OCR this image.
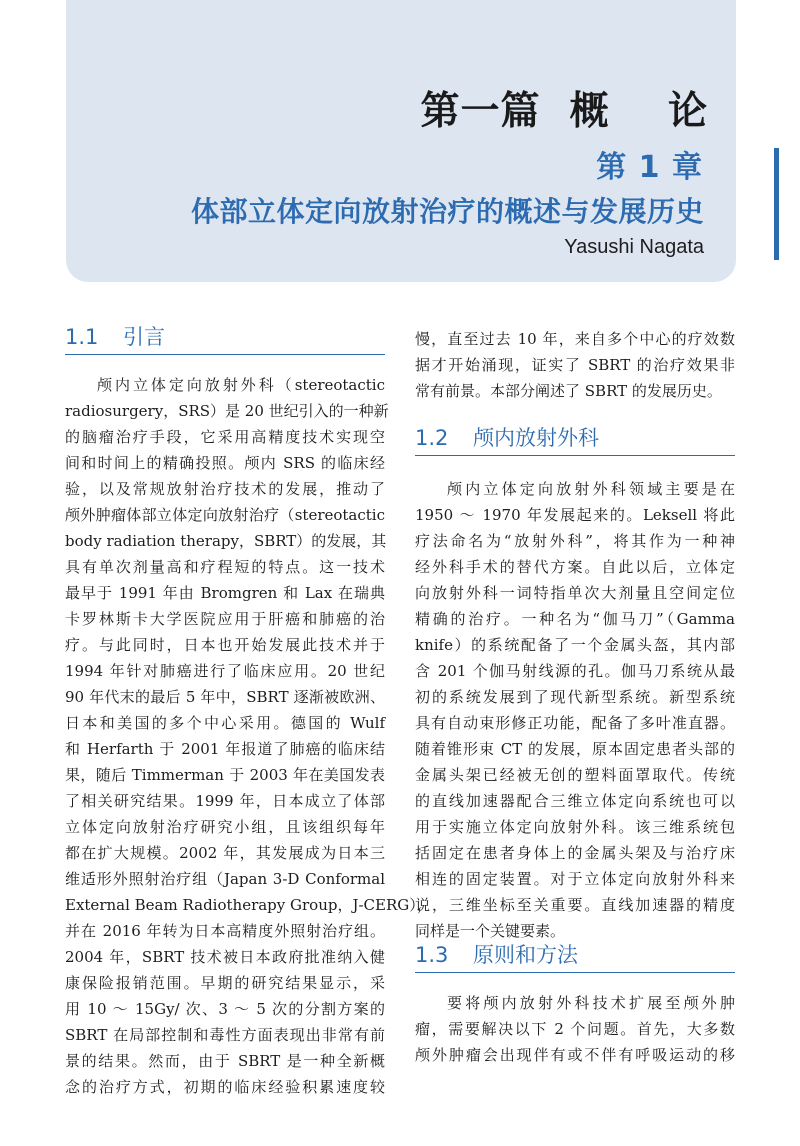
第一篇  概    论
第 1 章
体部立体定向放射治疗的概述与发展历史
Yasushi Nagata
1.1 引言
颅内立体定向放射外科（stereotactic
radiosurgery，SRS）是 20 世纪引入的一种新
的脑瘤治疗手段，它采用高精度技术实现空
间和时间上的精确投照。颅内 SRS 的临床经
验，以及常规放射治疗技术的发展，推动了
颅外肿瘤体部立体定向放射治疗（stereotactic
body radiation therapy，SBRT）的发展，其
具有单次剂量高和疗程短的特点。这一技术
最早于 1991 年由 Bromgren 和 Lax 在瑞典
卡罗林斯卡大学医院应用于肝癌和肺癌的治
疗。与此同时，日本也开始发展此技术并于
1994 年针对肺癌进行了临床应用。20 世纪
90 年代末的最后 5 年中，SBRT 逐渐被欧洲、
日本和美国的多个中心采用。德国的 Wulf
和 Herfarth 于 2001 年报道了肺癌的临床结
果，随后 Timmerman 于 2003 年在美国发表
了相关研究结果。1999 年，日本成立了体部
立体定向放射治疗研究小组，且该组织每年
都在扩大规模。2002 年，其发展成为日本三
维适形外照射治疗组（Japan 3-D Conformal
External Beam Radiotherapy Group，J-CERG），
并在 2016 年转为日本高精度外照射治疗组。
2004 年，SBRT 技术被日本政府批准纳入健
康保险报销范围。早期的研究结果显示，采
用 10 ～ 15Gy/ 次、3 ～ 5 次的分割方案的
SBRT 在局部控制和毒性方面表现出非常有前
景的结果。然而，由于 SBRT 是一种全新概
念的治疗方式，初期的临床经验积累速度较
慢，直至过去 10 年，来自多个中心的疗效数
据才开始涌现，证实了 SBRT 的治疗效果非
常有前景。本部分阐述了 SBRT 的发展历史。
1.2 颅内放射外科
颅内立体定向放射外科领域主要是在
1950 ～ 1970 年发展起来的。Leksell 将此
疗法命名为“放射外科”，将其作为一种神
经外科手术的替代方案。自此以后，立体定
向放射外科一词特指单次大剂量且空间定位
精确的治疗。一种名为“伽马刀”（Gamma
knife）的系统配备了一个金属头盔，其内部
含 201 个伽马射线源的孔。伽马刀系统从最
初的系统发展到了现代新型系统。新型系统
具有自动束形修正功能，配备了多叶准直器。
随着锥形束 CT 的发展，原本固定患者头部的
金属头架已经被无创的塑料面罩取代。传统
的直线加速器配合三维立体定向系统也可以
用于实施立体定向放射外科。该三维系统包
括固定在患者身体上的金属头架及与治疗床
相连的固定装置。对于立体定向放射外科来
说，三维坐标至关重要。直线加速器的精度
同样是一个关键要素。
1.3 原则和方法
要将颅内放射外科技术扩展至颅外肿
瘤，需要解决以下 2 个问题。首先，大多数
颅外肿瘤会出现伴有或不伴有呼吸运动的移
